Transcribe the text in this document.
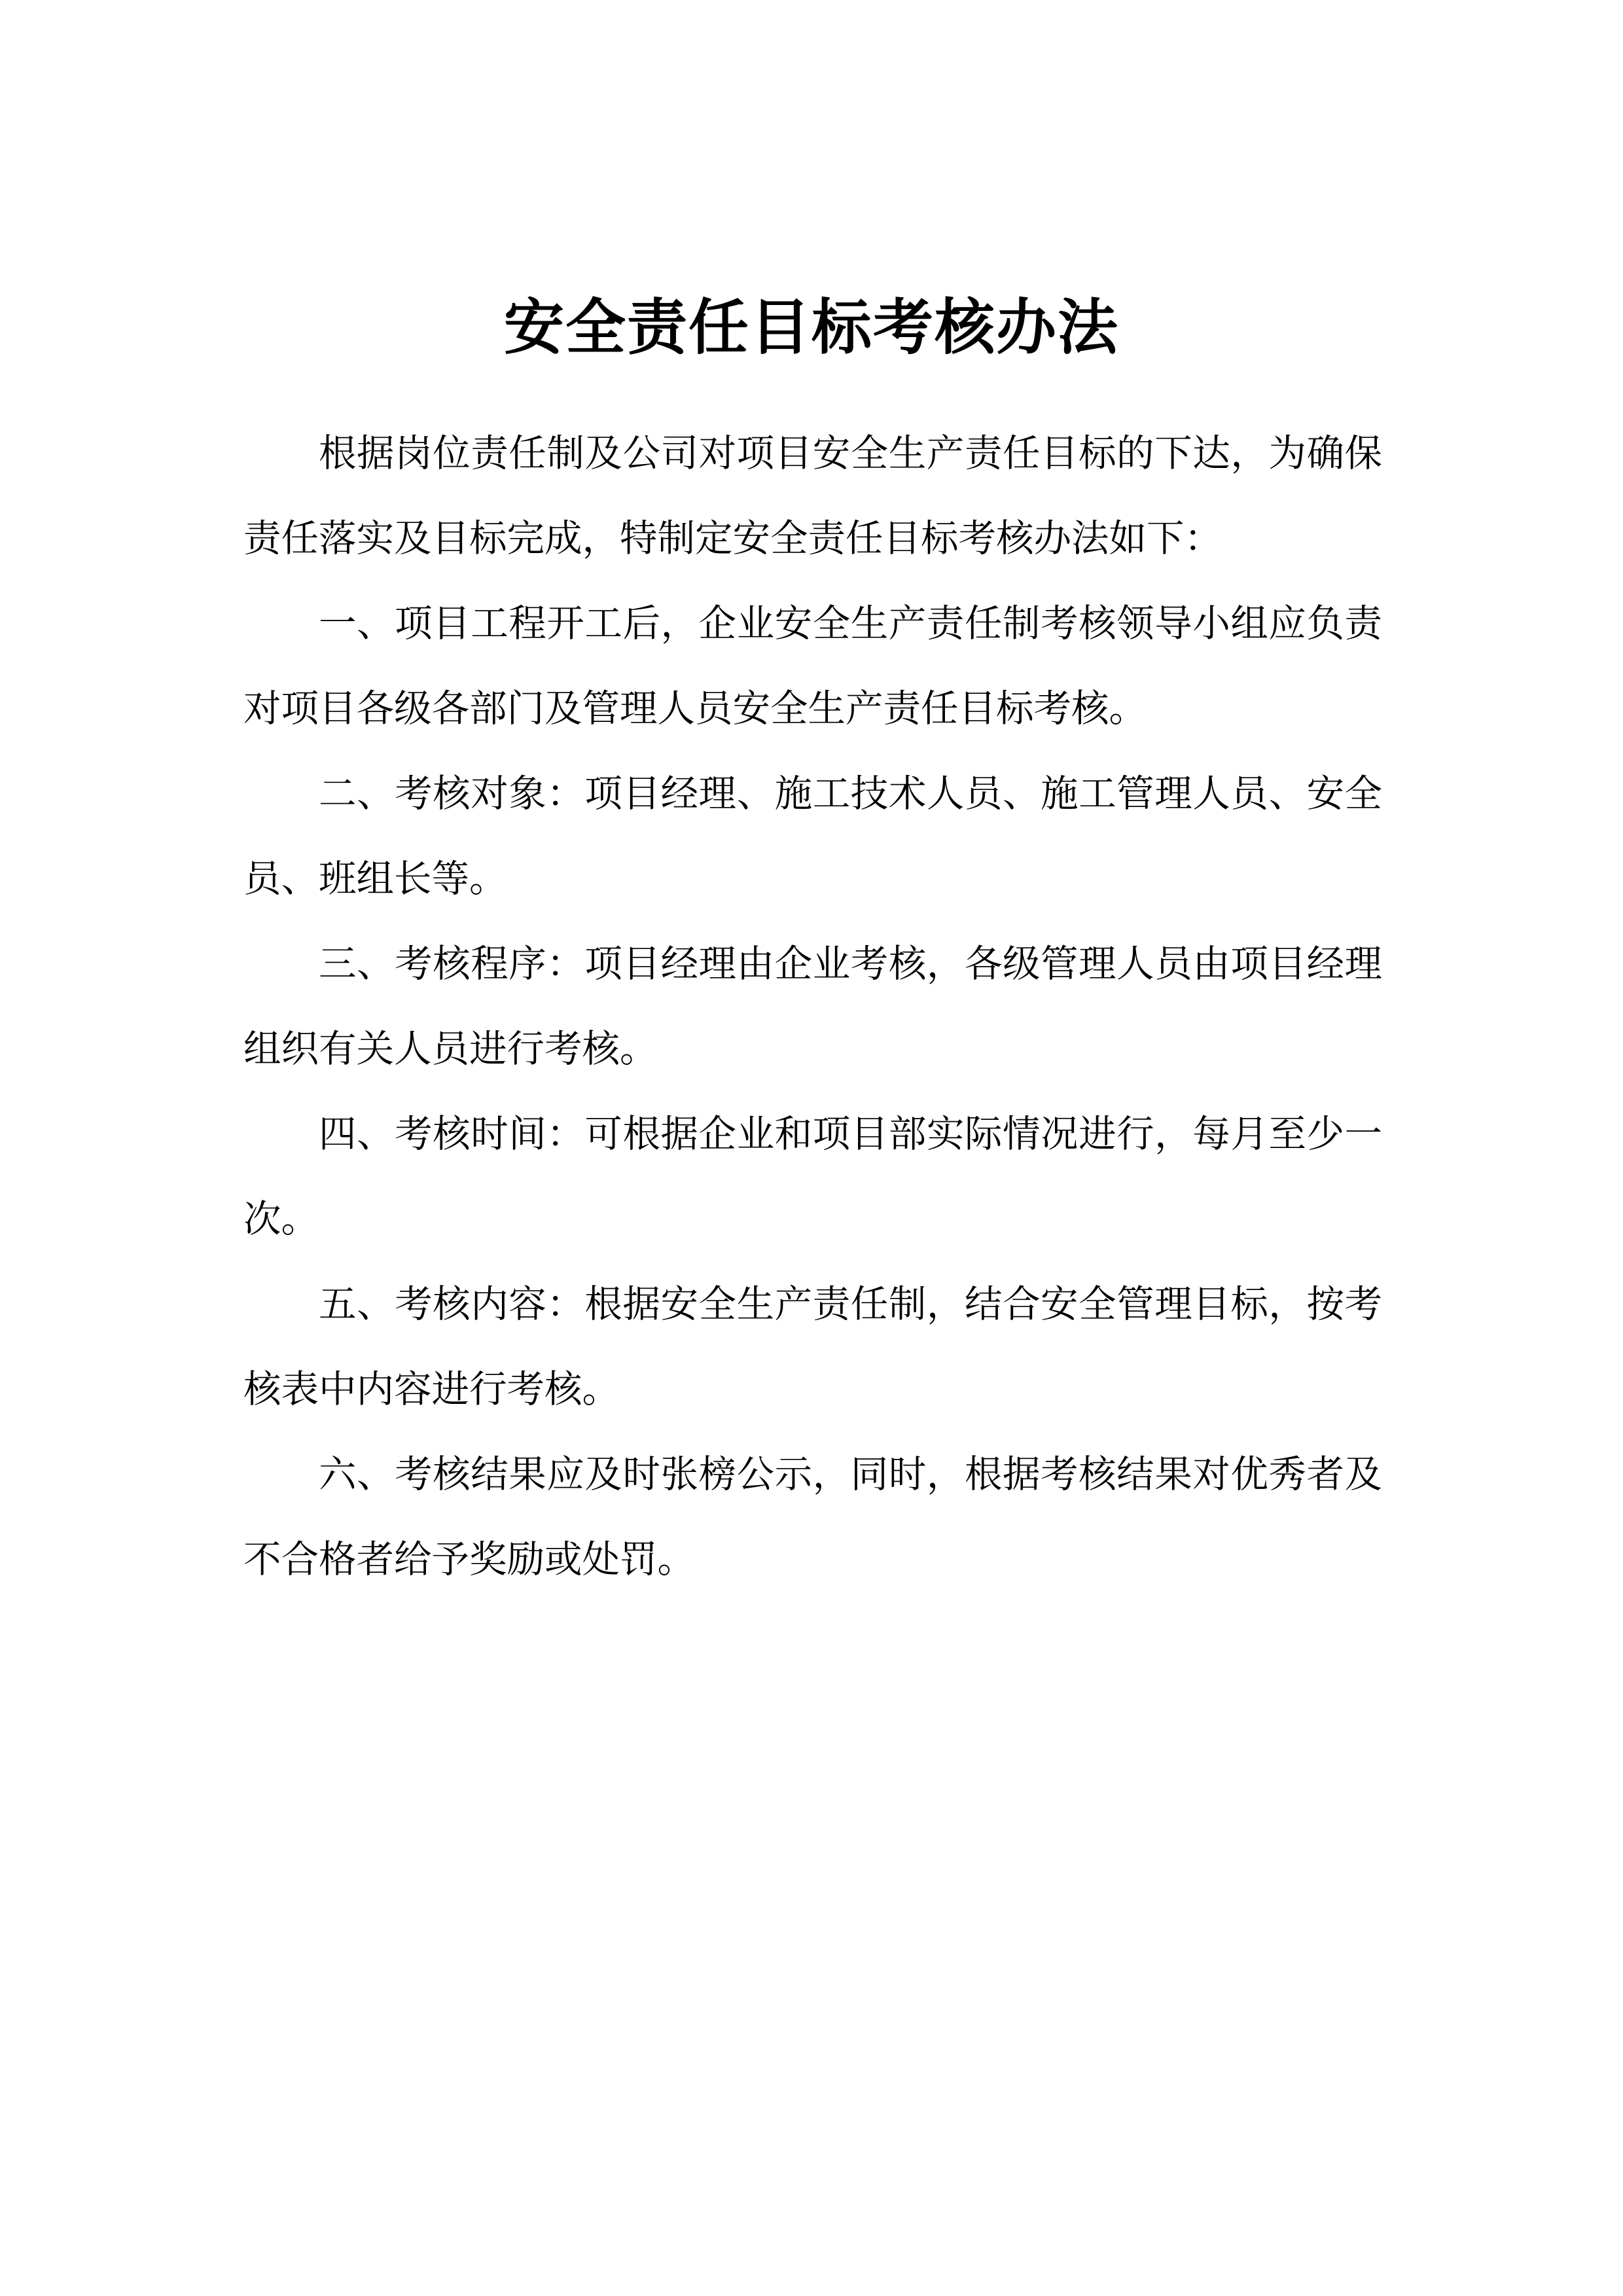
安全责任目标考核办法
根据岗位责任制及公司对项目安全生产责任目标的下达，为确保
责任落实及目标完成，特制定安全责任目标考核办法如下：
一、项目工程开工后，企业安全生产责任制考核领导小组应负责
对项目各级各部门及管理人员安全生产责任目标考核。
二、考核对象：项目经理、施工技术人员、施工管理人员、安全
员、班组长等。
三、考核程序：项目经理由企业考核，各级管理人员由项目经理
组织有关人员进行考核。
四、考核时间：可根据企业和项目部实际情况进行，每月至少一
次。
五、考核内容：根据安全生产责任制，结合安全管理目标，按考
核表中内容进行考核。
六、考核结果应及时张榜公示，同时，根据考核结果对优秀者及
不合格者给予奖励或处罚。
